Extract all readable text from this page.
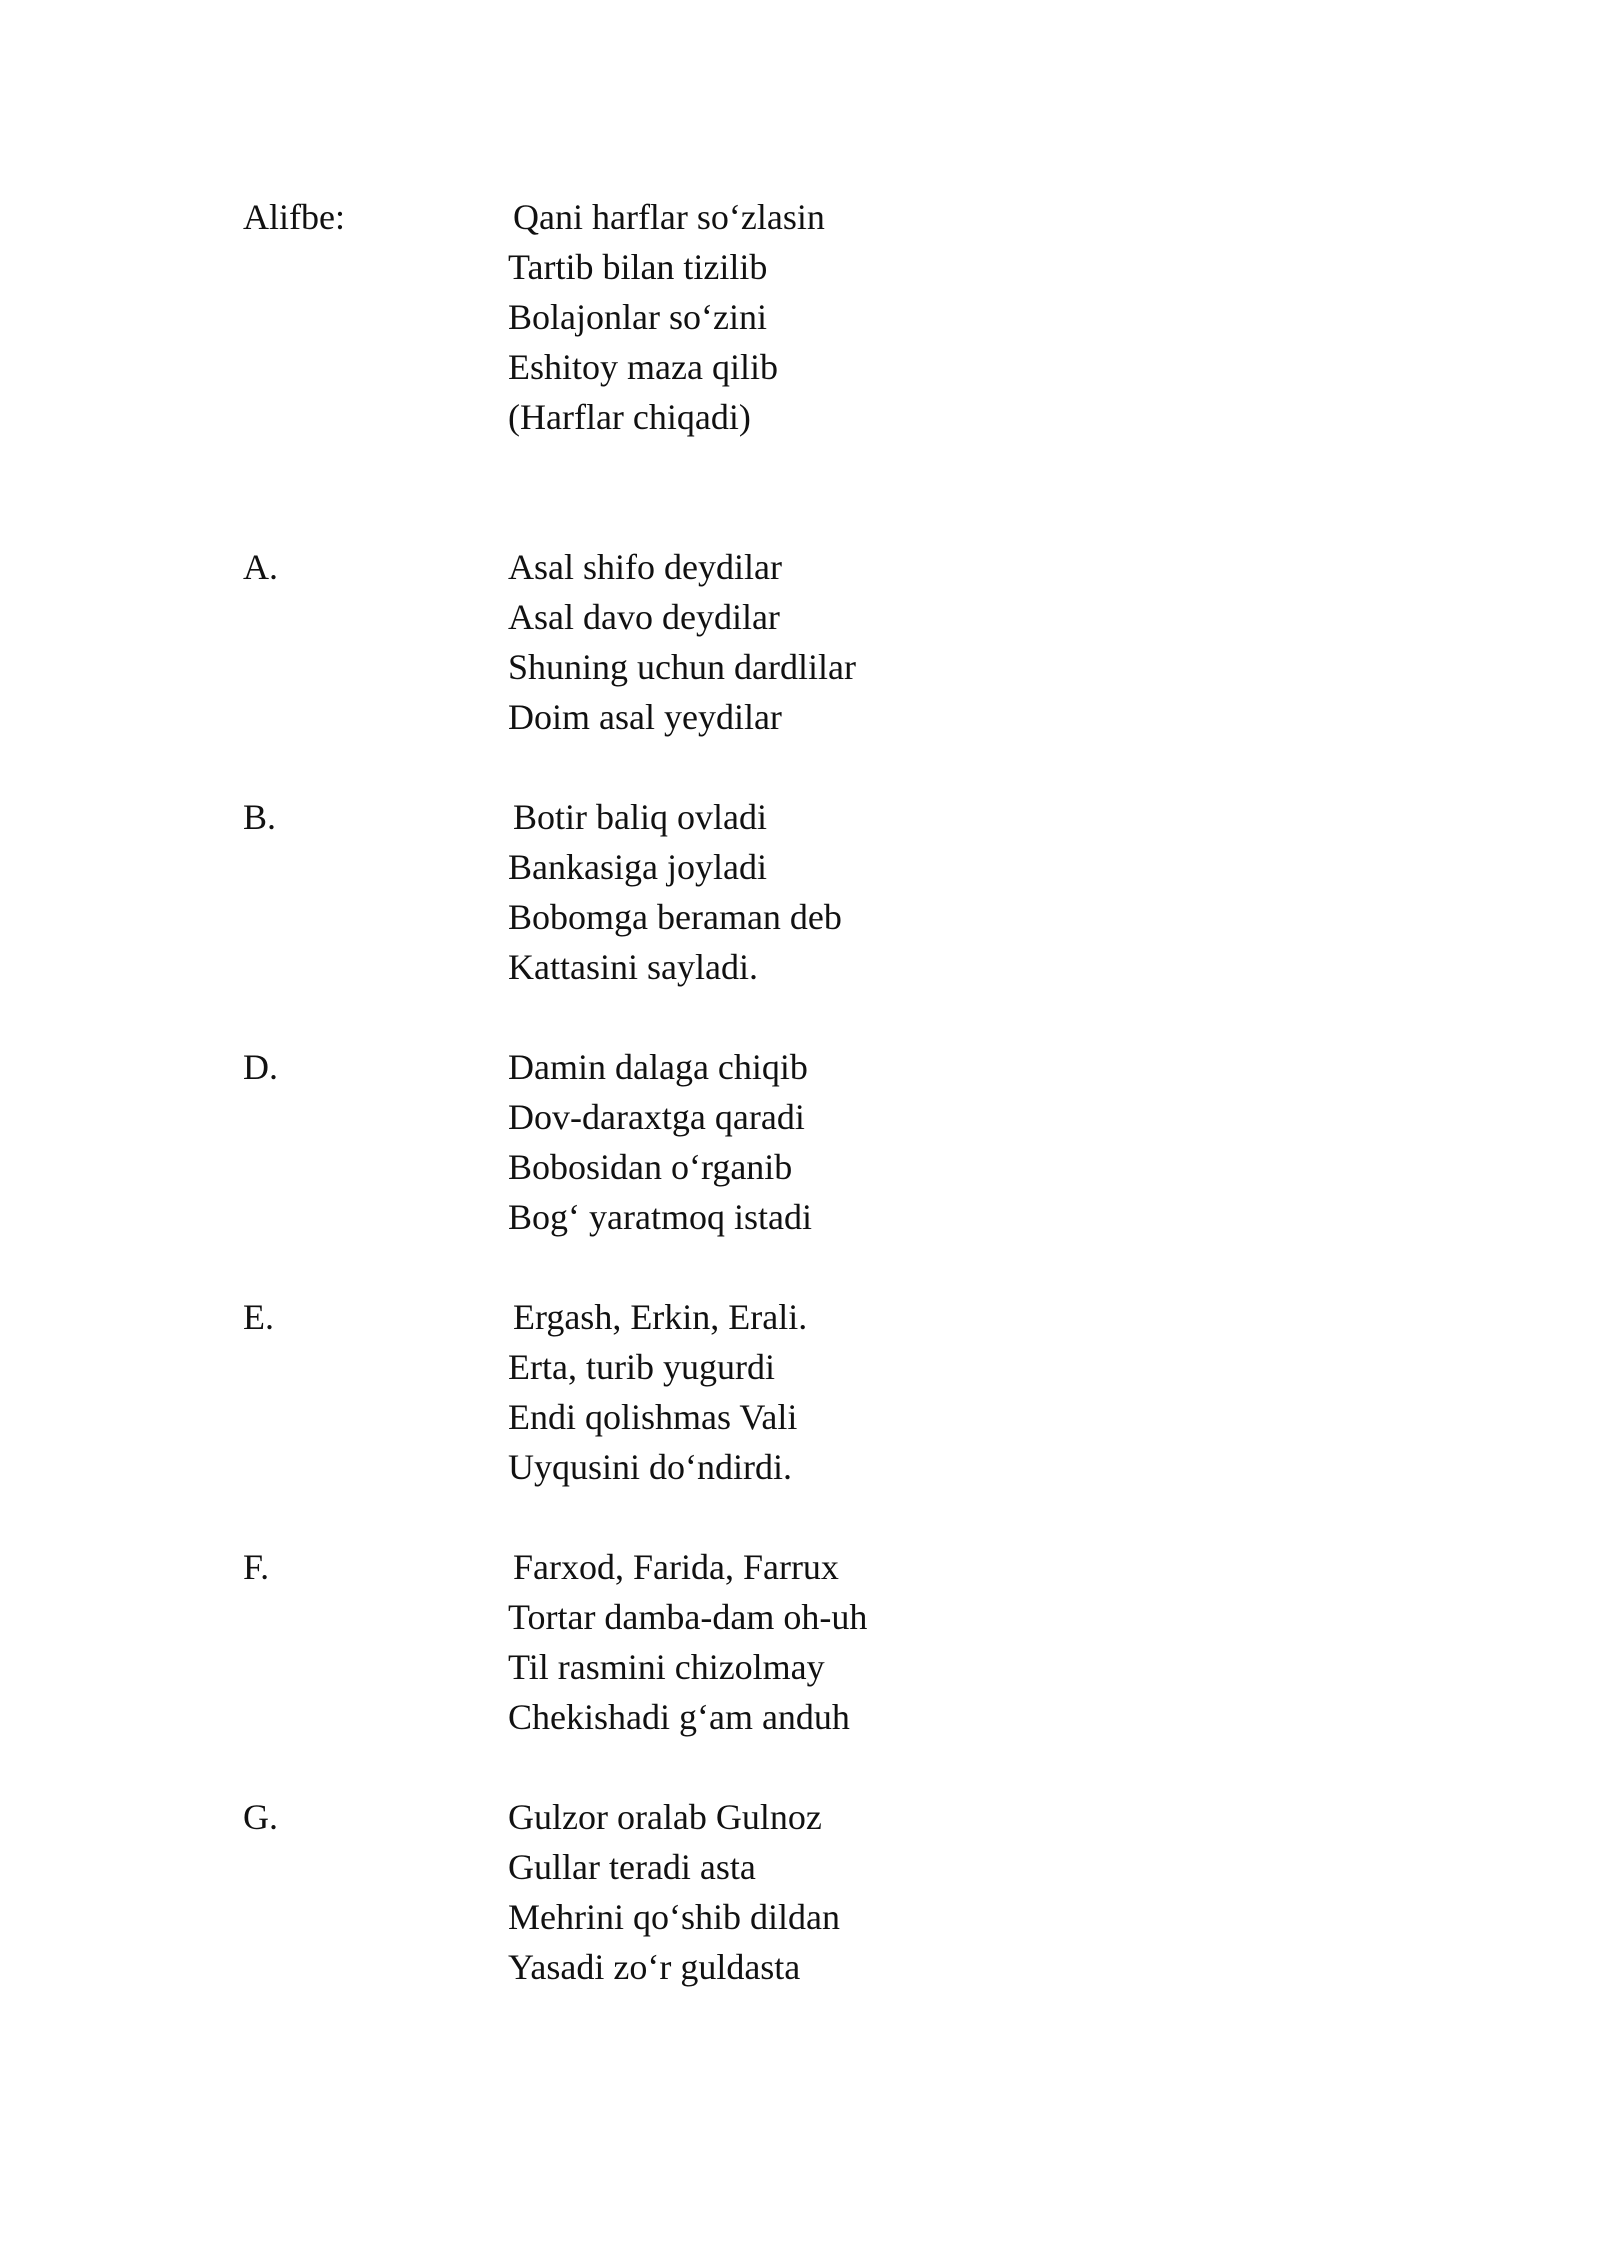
Alifbe:	Qani harflar so‘zlasin
Tartib bilan tizilib
Bolajonlar so‘zini
Eshitoy maza qilib
(Harflar chiqadi)
A.	Asal shifo deydilar
Asal davo deydilar
Shuning uchun dardlilar
Doim asal yeydilar
B.	Botir baliq ovladi
Bankasiga joyladi
Bobomga beraman deb
Kattasini sayladi.
D.	Damin dalaga chiqib
Dov-daraxtga qaradi
Bobosidan o‘rganib
Bog‘ yaratmoq istadi
E.	Ergash, Erkin, Erali.
Erta, turib yugurdi
Endi qolishmas Vali
Uyqusini do‘ndirdi.
F.	Farxod, Farida, Farrux
Tortar damba-dam oh-uh
Til rasmini chizolmay
Chekishadi g‘am anduh
G.	Gulzor oralab Gulnoz
Gullar teradi asta
Mehrini qo‘shib dildan
Yasadi zo‘r guldasta
